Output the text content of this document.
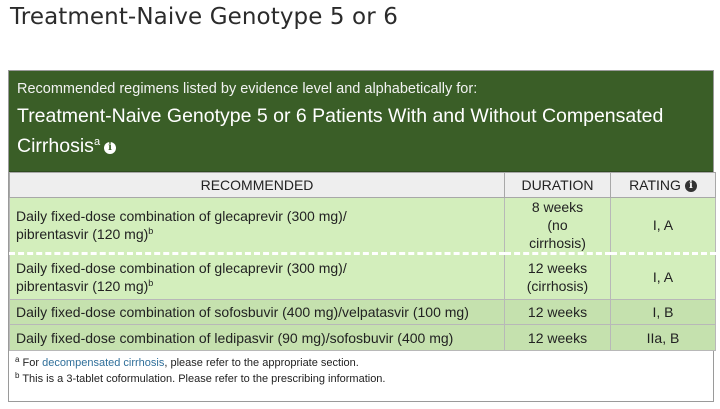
Treatment-Naive Genotype 5 or 6
Recommended regimens listed by evidence level and alphabetically for:
Treatment-Naive Genotype 5 or 6 Patients With and Without Compensated Cirrhosis$^a$ i
RECOMMENDED	DURATION	RATING i
Daily fixed-dose combination of glecaprevir (300 mg)/
pibrentasvir (120 mg)$^b$	8 weeks
(no
cirrhosis)	I, A
Daily fixed-dose combination of glecaprevir (300 mg)/
pibrentasvir (120 mg)$^b$	12 weeks
(cirrhosis)	I, A
Daily fixed-dose combination of sofosbuvir (400 mg)/velpatasvir (100 mg)	12 weeks	I, B
Daily fixed-dose combination of ledipasvir (90 mg)/sofosbuvir (400 mg)	12 weeks	IIa, B
$^a$ For decompensated cirrhosis, please refer to the appropriate section.
$^b$ This is a 3-tablet coformulation. Please refer to the prescribing information.
